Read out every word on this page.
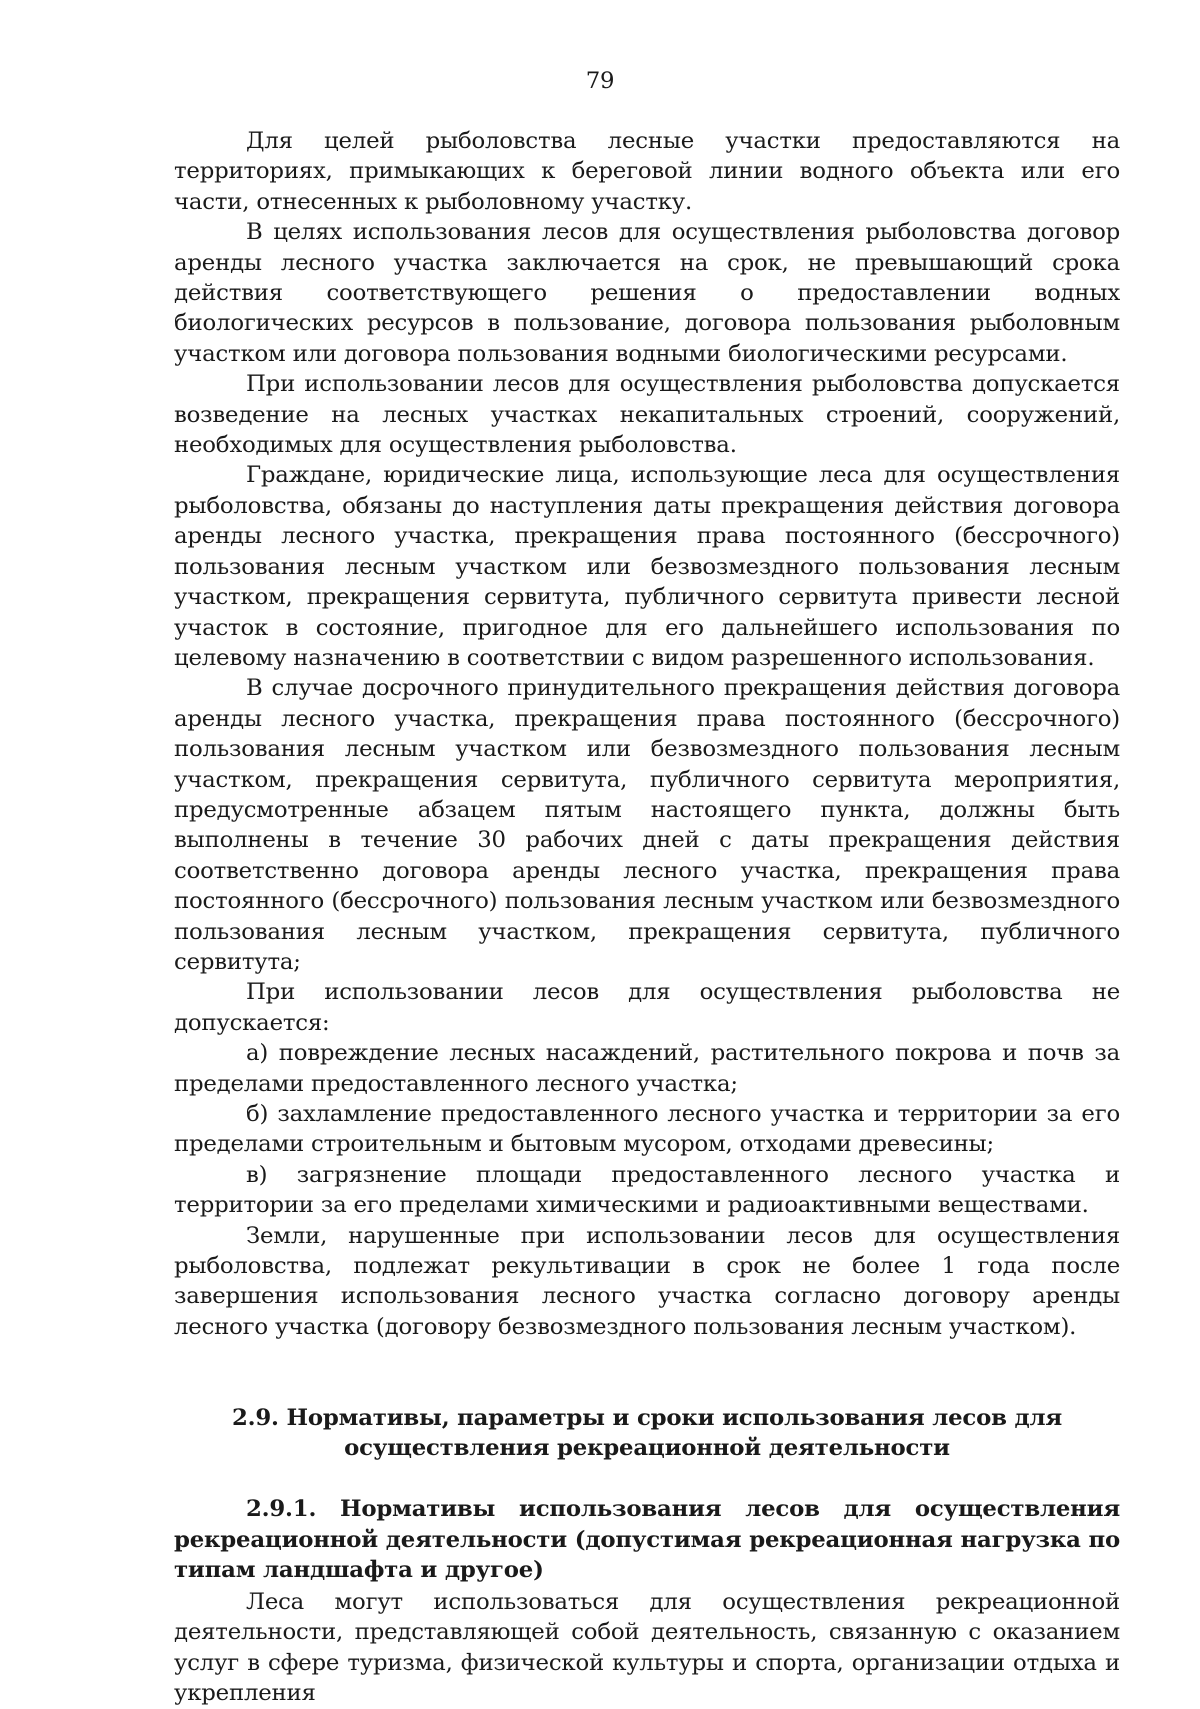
79

Для целей рыболовства лесные участки предоставляются на территориях, примыкающих к береговой линии водного объекта или его части, отнесенных к рыболовному участку.

В целях использования лесов для осуществления рыболовства договор аренды лесного участка заключается на срок, не превышающий срока действия соответствующего решения о предоставлении водных биологических ресурсов в пользование, договора пользования рыболовным участком или договора пользования водными биологическими ресурсами.

При использовании лесов для осуществления рыболовства допускается возведение на лесных участках некапитальных строений, сооружений, необходимых для осуществления рыболовства.

Граждане, юридические лица, использующие леса для осуществления рыболовства, обязаны до наступления даты прекращения действия договора аренды лесного участка, прекращения права постоянного (бессрочного) пользования лесным участком или безвозмездного пользования лесным участком, прекращения сервитута, публичного сервитута привести лесной участок в состояние, пригодное для его дальнейшего использования по целевому назначению в соответствии с видом разрешенного использования.

В случае досрочного принудительного прекращения действия договора аренды лесного участка, прекращения права постоянного (бессрочного) пользования лесным участком или безвозмездного пользования лесным участком, прекращения сервитута, публичного сервитута мероприятия, предусмотренные абзацем пятым настоящего пункта, должны быть выполнены в течение 30 рабочих дней с даты прекращения действия соответственно договора аренды лесного участка, прекращения права постоянного (бессрочного) пользования лесным участком или безвозмездного пользования лесным участком, прекращения сервитута, публичного сервитута;

При использовании лесов для осуществления рыболовства не допускается:

а) повреждение лесных насаждений, растительного покрова и почв за пределами предоставленного лесного участка;

б) захламление предоставленного лесного участка и территории за его пределами строительным и бытовым мусором, отходами древесины;

в) загрязнение площади предоставленного лесного участка и территории за его пределами химическими и радиоактивными веществами.

Земли, нарушенные при использовании лесов для осуществления рыболовства, подлежат рекультивации в срок не более 1 года после завершения использования лесного участка согласно договору аренды лесного участка (договору безвозмездного пользования лесным участком).

2.9. Нормативы, параметры и сроки использования лесов для
осуществления рекреационной деятельности
2.9.1. Нормативы использования лесов для осуществления рекреационной деятельности (допустимая рекреационная нагрузка по типам ландшафта и другое)

Леса могут использоваться для осуществления рекреационной деятельности, представляющей собой деятельность, связанную с оказанием услуг в сфере туризма, физической культуры и спорта, организации отдыха и укрепления
